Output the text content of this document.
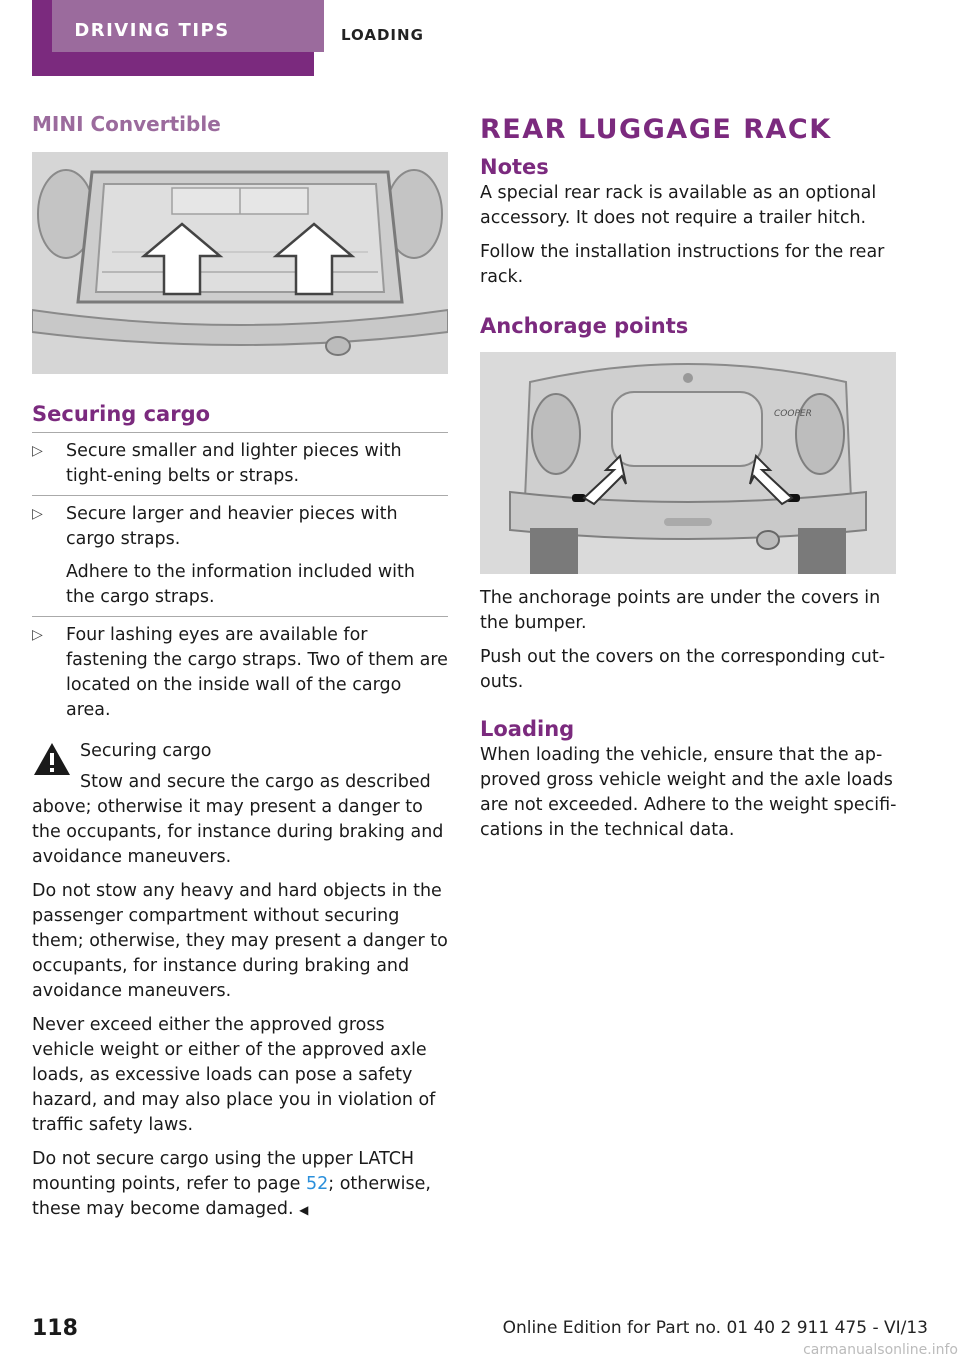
DRIVING TIPS	LOADING
MINI Convertible
Securing cargo
▷ Secure smaller and lighter pieces with tight‐ening belts or straps.
▷ Secure larger and heavier pieces with cargo straps.
Adhere to the information included with the cargo straps.
▷ Four lashing eyes are available for fastening the cargo straps. Two of them are located on the inside wall of the cargo area.
Securing cargo

Stow and secure the cargo as described above; otherwise it may present a danger to the occupants, for instance during braking and avoidance maneuvers.

Do not stow any heavy and hard objects in the passenger compartment without securing them; otherwise, they may present a danger to occupants, for instance during braking and avoidance maneuvers.

Never exceed either the approved gross vehicle weight or either of the approved axle loads, as excessive loads can pose a safety hazard, and may also place you in violation of traffic safety laws.

Do not secure cargo using the upper LATCH mounting points, refer to page 52; otherwise, these may become damaged. ◀

REAR LUGGAGE RACK
Notes

A special rear rack is available as an optional accessory. It does not require a trailer hitch.

Follow the installation instructions for the rear rack.

Anchorage points
COOPER

The anchorage points are under the covers in the bumper.

Push out the covers on the corresponding cut‐outs.

Loading

When loading the vehicle, ensure that the ap‐proved gross vehicle weight and the axle loads are not exceeded. Adhere to the weight specifi‐cations in the technical data.

118	Online Edition for Part no. 01 40 2 911 475 - VI/13
carmanualsonline.info
